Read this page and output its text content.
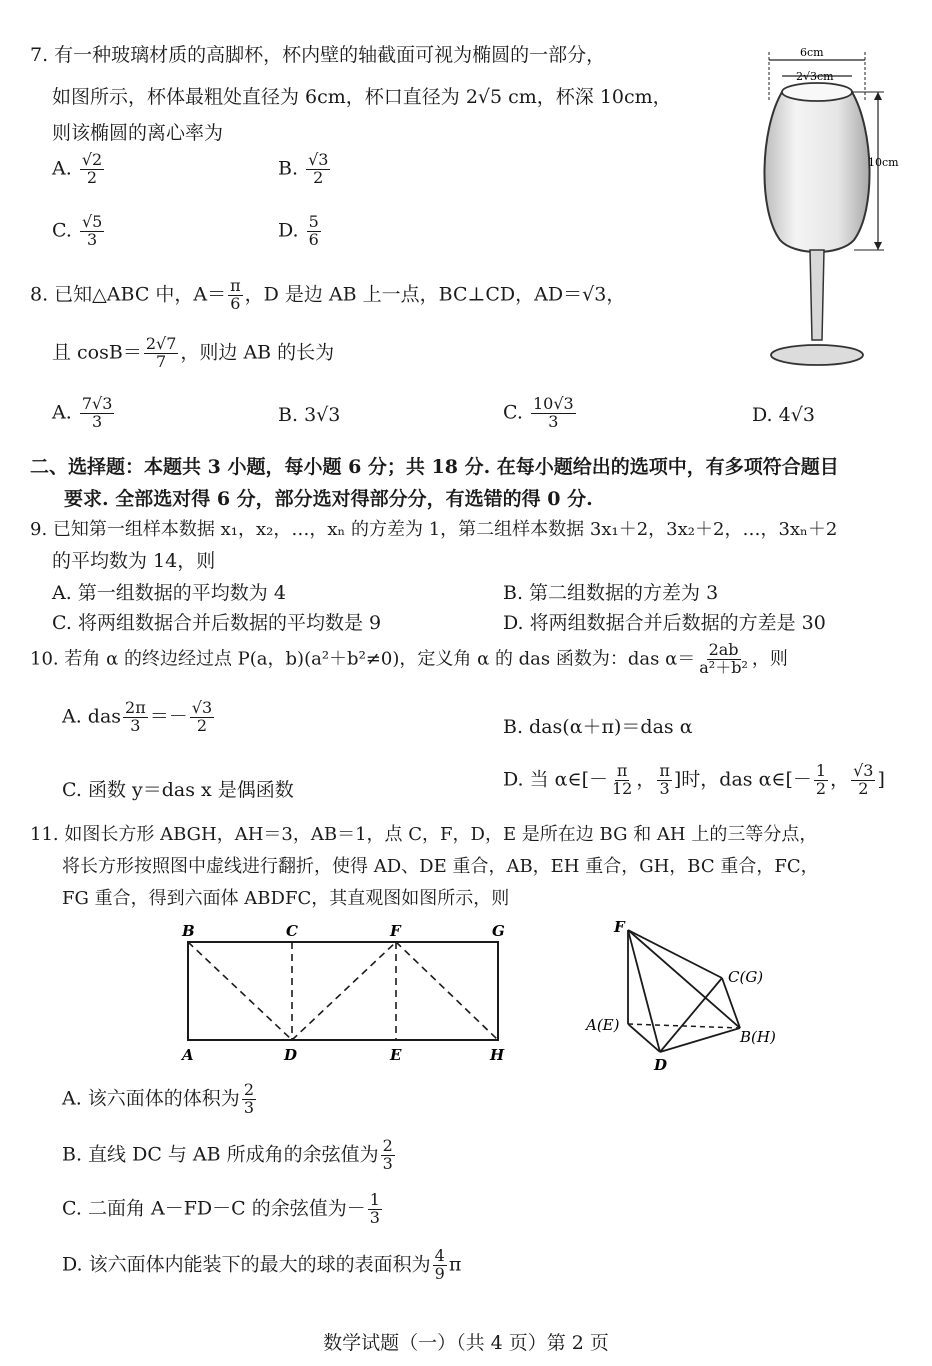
7. 有一种玻璃材质的高脚杯，杯内壁的轴截面可视为椭圆的一部分，
如图所示，杯体最粗处直径为 6cm，杯口直径为 2√5 cm，杯深 10cm，
则该椭圆的离心率为
A. $\frac{√2}{2}$	B. $\frac{√3}{2}$
C. $\frac{√5}{3}$	D. $\frac{5}{6}$
6cm
2√3cm
10cm
8. 已知△ABC 中，$A= \frac{\pi}{6}$ ，D 是边 AB 上一点，BC⊥CD，AD＝√3，
且 $\cos B= \frac{2√7}{7}$ ，则边 AB 的长为
A. $\frac{7√3}{3}$	B. 3√3	C. $\frac{10√3}{3}$	D. 4√3
二、选择题：本题共 3 小题，每小题 6 分；共 18 分. 在每小题给出的选项中，有多项符合题目
要求. 全部选对得 6 分，部分选对得部分分，有选错的得 0 分.
9. 已知第一组样本数据 x₁，x₂，…，xₙ 的方差为 1，第二组样本数据 3x₁＋2，3x₂＋2，…，3xₙ＋2
的平均数为 14，则
A. 第一组数据的平均数为 4	B. 第二组数据的方差为 3
C. 将两组数据合并后数据的平均数是 9	D. 将两组数据合并后数据的方差是 30
10. 若角 α 的终边经过点 P(a，b)(a²＋b²≠0)，定义角 α 的 das 函数为：das $\alpha= \frac{2ab}{\text{a²＋b²}}$ ，则
A. das $\frac{2\pi}{3} =- \frac{√3}{2}$	B. das(α＋π)＝das α
C. 函数 y＝das x 是偶函数	D. 当 α∈[－ $\frac{\pi}{12}$ ， $\frac{\pi}{3}$ ]时，das α∈[－ $\frac{1}{2}$ ， $\frac{√3}{2}$ ]
11. 如图长方形 ABGH，AH＝3，AB＝1，点 C，F，D，E 是所在边 BG 和 AH 上的三等分点，
将长方形按照图中虚线进行翻折，使得 AD、DE 重合，AB，EH 重合，GH，BC 重合，FC，
FG 重合，得到六面体 ABDFC，其直观图如图所示，则
B	C	F	G
A	D	E	H
F
C(G)
A(E)
B(H)
D
A. 该六面体的体积为 $\frac{2}{3}$
B. 直线 DC 与 AB 所成角的余弦值为 $\frac{2}{3}$
C. 二面角 A－FD－C 的余弦值为－ $\frac{1}{3}$
D. 该六面体内能装下的最大的球的表面积为 $\frac{4}{9}$ π
数学试题（一）（共 4 页）第 2 页
